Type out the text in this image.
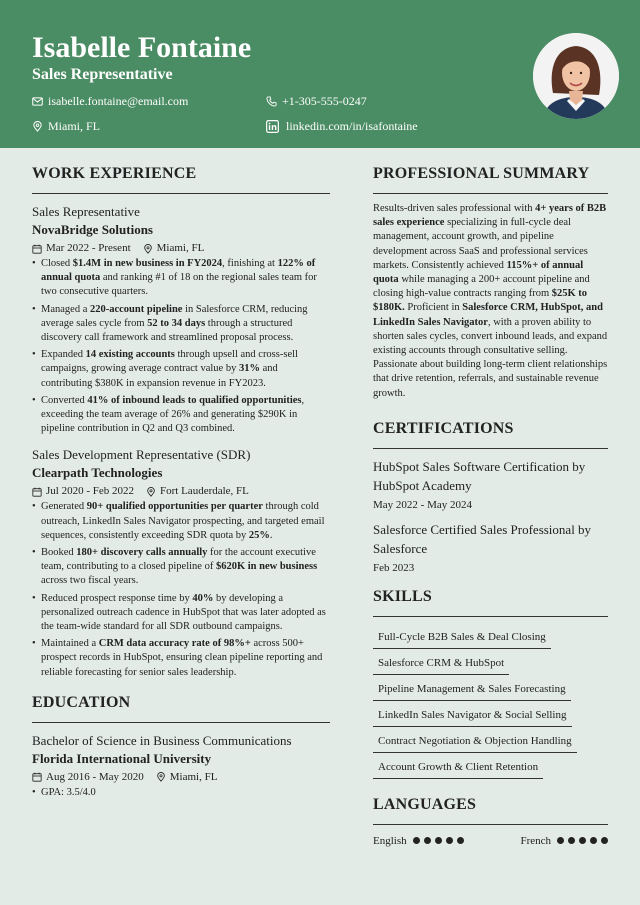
Isabelle Fontaine
Sales Representative
isabelle.fontaine@email.com	+1-305-555-0247
Miami, FL	linkedin.com/in/isafontaine
WORK EXPERIENCE
Sales Representative
NovaBridge Solutions
Mar 2022 - Present Miami, FL
• Closed $1.4M in new business in FY2024, finishing at 122% of annual quota and ranking #1 of 18 on the regional sales team for two consecutive quarters.
• Managed a 220-account pipeline in Salesforce CRM, reducing average sales cycle from 52 to 34 days through a structured discovery call framework and streamlined proposal process.
• Expanded 14 existing accounts through upsell and cross-sell campaigns, growing average contract value by 31% and contributing $380K in expansion revenue in FY2023.
• Converted 41% of inbound leads to qualified opportunities, exceeding the team average of 26% and generating $290K in pipeline contribution in Q2 and Q3 combined.
Sales Development Representative (SDR)
Clearpath Technologies
Jul 2020 - Feb 2022 Fort Lauderdale, FL
• Generated 90+ qualified opportunities per quarter through cold outreach, LinkedIn Sales Navigator prospecting, and targeted email sequences, consistently exceeding SDR quota by 25%.
• Booked 180+ discovery calls annually for the account executive team, contributing to a closed pipeline of $620K in new business across two fiscal years.
• Reduced prospect response time by 40% by developing a personalized outreach cadence in HubSpot that was later adopted as the team-wide standard for all SDR outbound campaigns.
• Maintained a CRM data accuracy rate of 98%+ across 500+ prospect records in HubSpot, ensuring clean pipeline reporting and reliable forecasting for senior sales leadership.
EDUCATION
Bachelor of Science in Business Communications
Florida International University
Aug 2016 - May 2020 Miami, FL
• GPA: 3.5/4.0
PROFESSIONAL SUMMARY
Results-driven sales professional with 4+ years of B2B sales experience specializing in full-cycle deal management, account growth, and pipeline development across SaaS and professional services markets. Consistently achieved 115%+ of annual quota while managing a 200+ account pipeline and closing high-value contracts ranging from $25K to $180K. Proficient in Salesforce CRM, HubSpot, and LinkedIn Sales Navigator, with a proven ability to shorten sales cycles, convert inbound leads, and expand existing accounts through consultative selling. Passionate about building long-term client relationships that drive retention, referrals, and sustainable revenue growth.
CERTIFICATIONS
HubSpot Sales Software Certification by HubSpot Academy
May 2022 - May 2024
Salesforce Certified Sales Professional by Salesforce
Feb 2023
SKILLS
Full-Cycle B2B Sales & Deal Closing
Salesforce CRM & HubSpot
Pipeline Management & Sales Forecasting
LinkedIn Sales Navigator & Social Selling
Contract Negotiation & Objection Handling
Account Growth & Client Retention
LANGUAGES
English	French
